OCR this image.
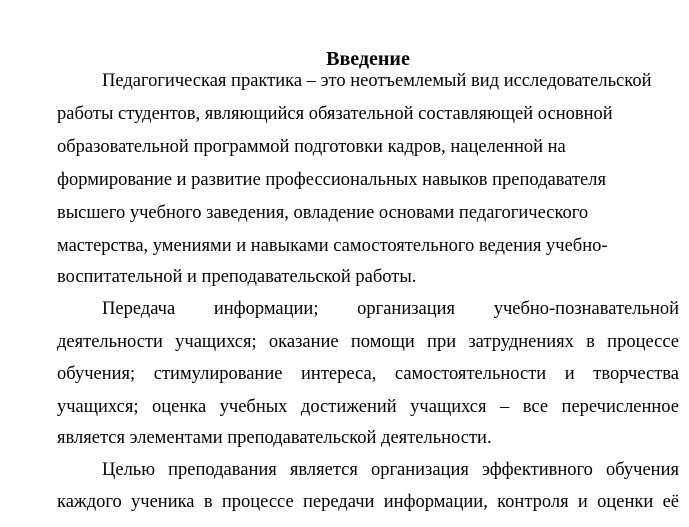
Введение
Педагогическая практика – это неотъемлемый вид исследовательской
работы студентов, являющийся обязательной составляющей основной
образовательной программой подготовки кадров, нацеленной на
формирование и развитие профессиональных навыков преподавателя
высшего учебного заведения, овладение основами педагогического
мастерства, умениями и навыками самостоятельного ведения учебно-
воспитательной и преподавательской работы.
Передача информации; организация учебно-познавательной
деятельности учащихся; оказание помощи при затруднениях в процессе
обучения; стимулирование интереса, самостоятельности и творчества
учащихся; оценка учебных достижений учащихся – все перечисленное
является элементами преподавательской деятельности.
Целью преподавания является организация эффективного обучения
каждого ученика в процессе передачи информации, контроля и оценки её
